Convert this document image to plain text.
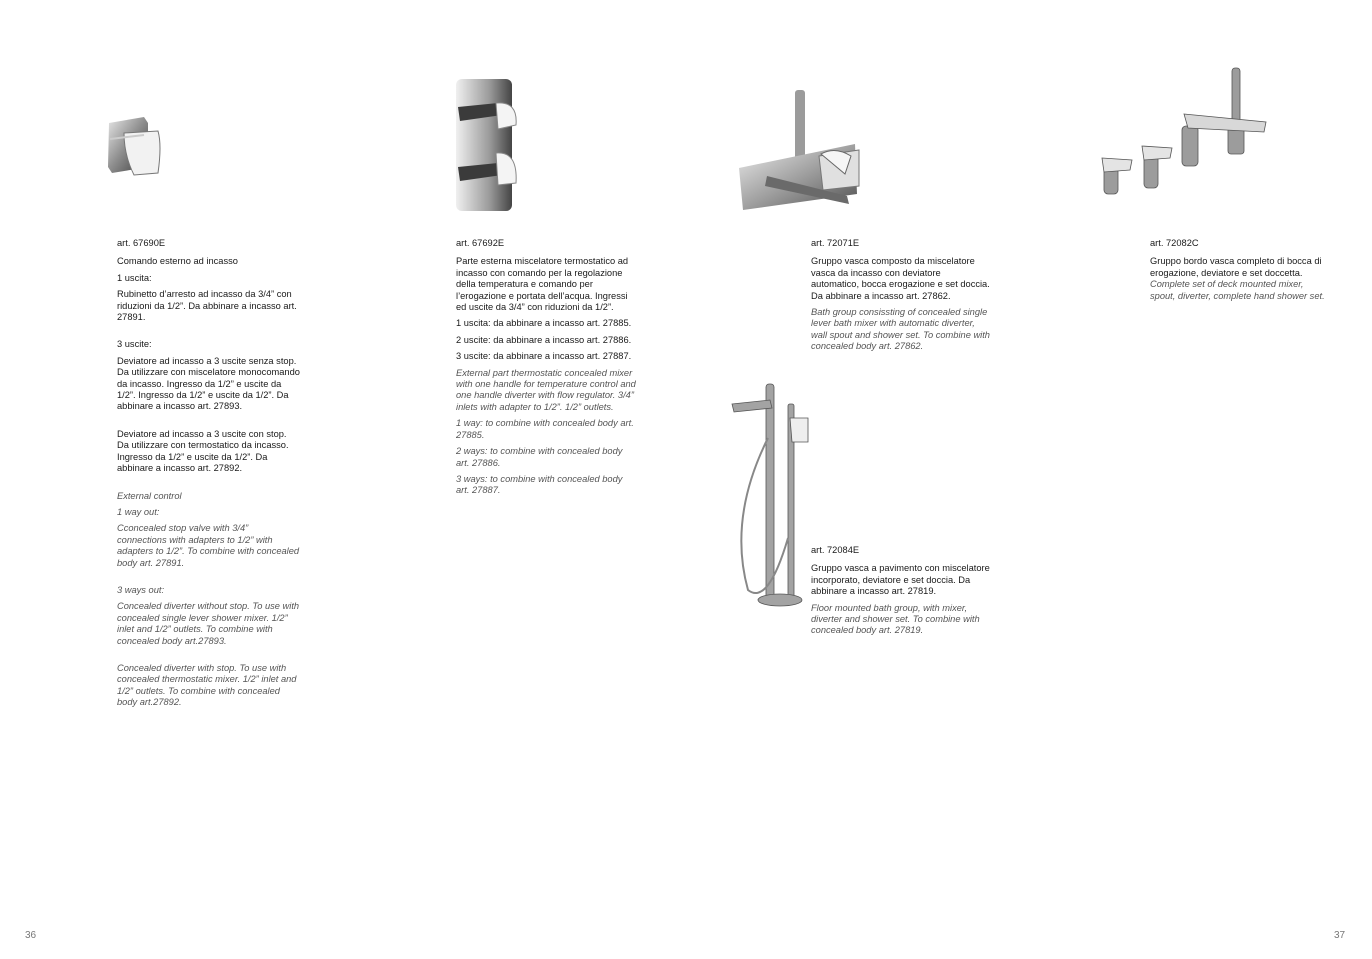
art. 67690E

Comando esterno ad incasso

1 uscita:

Rubinetto d’arresto ad incasso da 3/4” con riduzioni da 1/2”. Da abbinare a incasso art. 27891.

3 uscite:

Deviatore ad incasso a 3 uscite senza stop. Da utilizzare con miscelatore monocomando da incasso. Ingresso da 1/2” e uscite da 1/2”. Ingresso da 1/2” e uscite da 1/2”. Da abbinare a incasso art. 27893.

Deviatore ad incasso a 3 uscite con stop. Da utilizzare con termostatico da incasso. Ingresso da 1/2” e uscite da 1/2”. Da abbinare a incasso art. 27892.

External control

1 way out:

Cconcealed stop valve with 3/4” connections with adapters to 1/2” with adapters to 1/2”. To combine with concealed body art. 27891.

3 ways out:

Concealed diverter without stop. To use with concealed single lever shower mixer. 1/2” inlet and 1/2” outlets. To combine with concealed body art.27893.

Concealed diverter with stop. To use with concealed thermostatic mixer. 1/2” inlet and 1/2” outlets. To combine with concealed body art.27892.

art. 67692E

Parte esterna miscelatore termostatico ad incasso con comando per la regolazione della temperatura e comando per l’erogazione e portata dell’acqua. Ingressi ed uscite da 3/4” con riduzioni da 1/2”.

1 uscita: da abbinare a incasso art. 27885.

2 uscite: da abbinare a incasso art. 27886.

3 uscite: da abbinare a incasso art. 27887.

External part thermostatic concealed mixer with one handle for temperature control and one handle diverter with flow regulator. 3/4” inlets with adapter to 1/2”. 1/2” outlets.

1 way: to combine with concealed body art. 27885.

2 ways: to combine with concealed body art. 27886.

3 ways: to combine with concealed body art. 27887.

art. 72071E

Gruppo vasca composto da miscelatore vasca da incasso con deviatore automatico, bocca erogazione e set doccia. Da abbinare a incasso art. 27862.

Bath group consissting of concealed single lever bath mixer with automatic diverter, wall spout and shower set. To combine with concealed body art. 27862.

art. 72084E

Gruppo vasca a pavimento con miscelatore incorporato, deviatore e set doccia. Da abbinare a incasso art. 27819.

Floor mounted bath group, with mixer, diverter and shower set. To combine with concealed body art. 27819.

art. 72082C

Gruppo bordo vasca completo di bocca di erogazione, deviatore e set doccetta.

Complete set of deck mounted mixer, spout, diverter, complete hand shower set.

36	37
